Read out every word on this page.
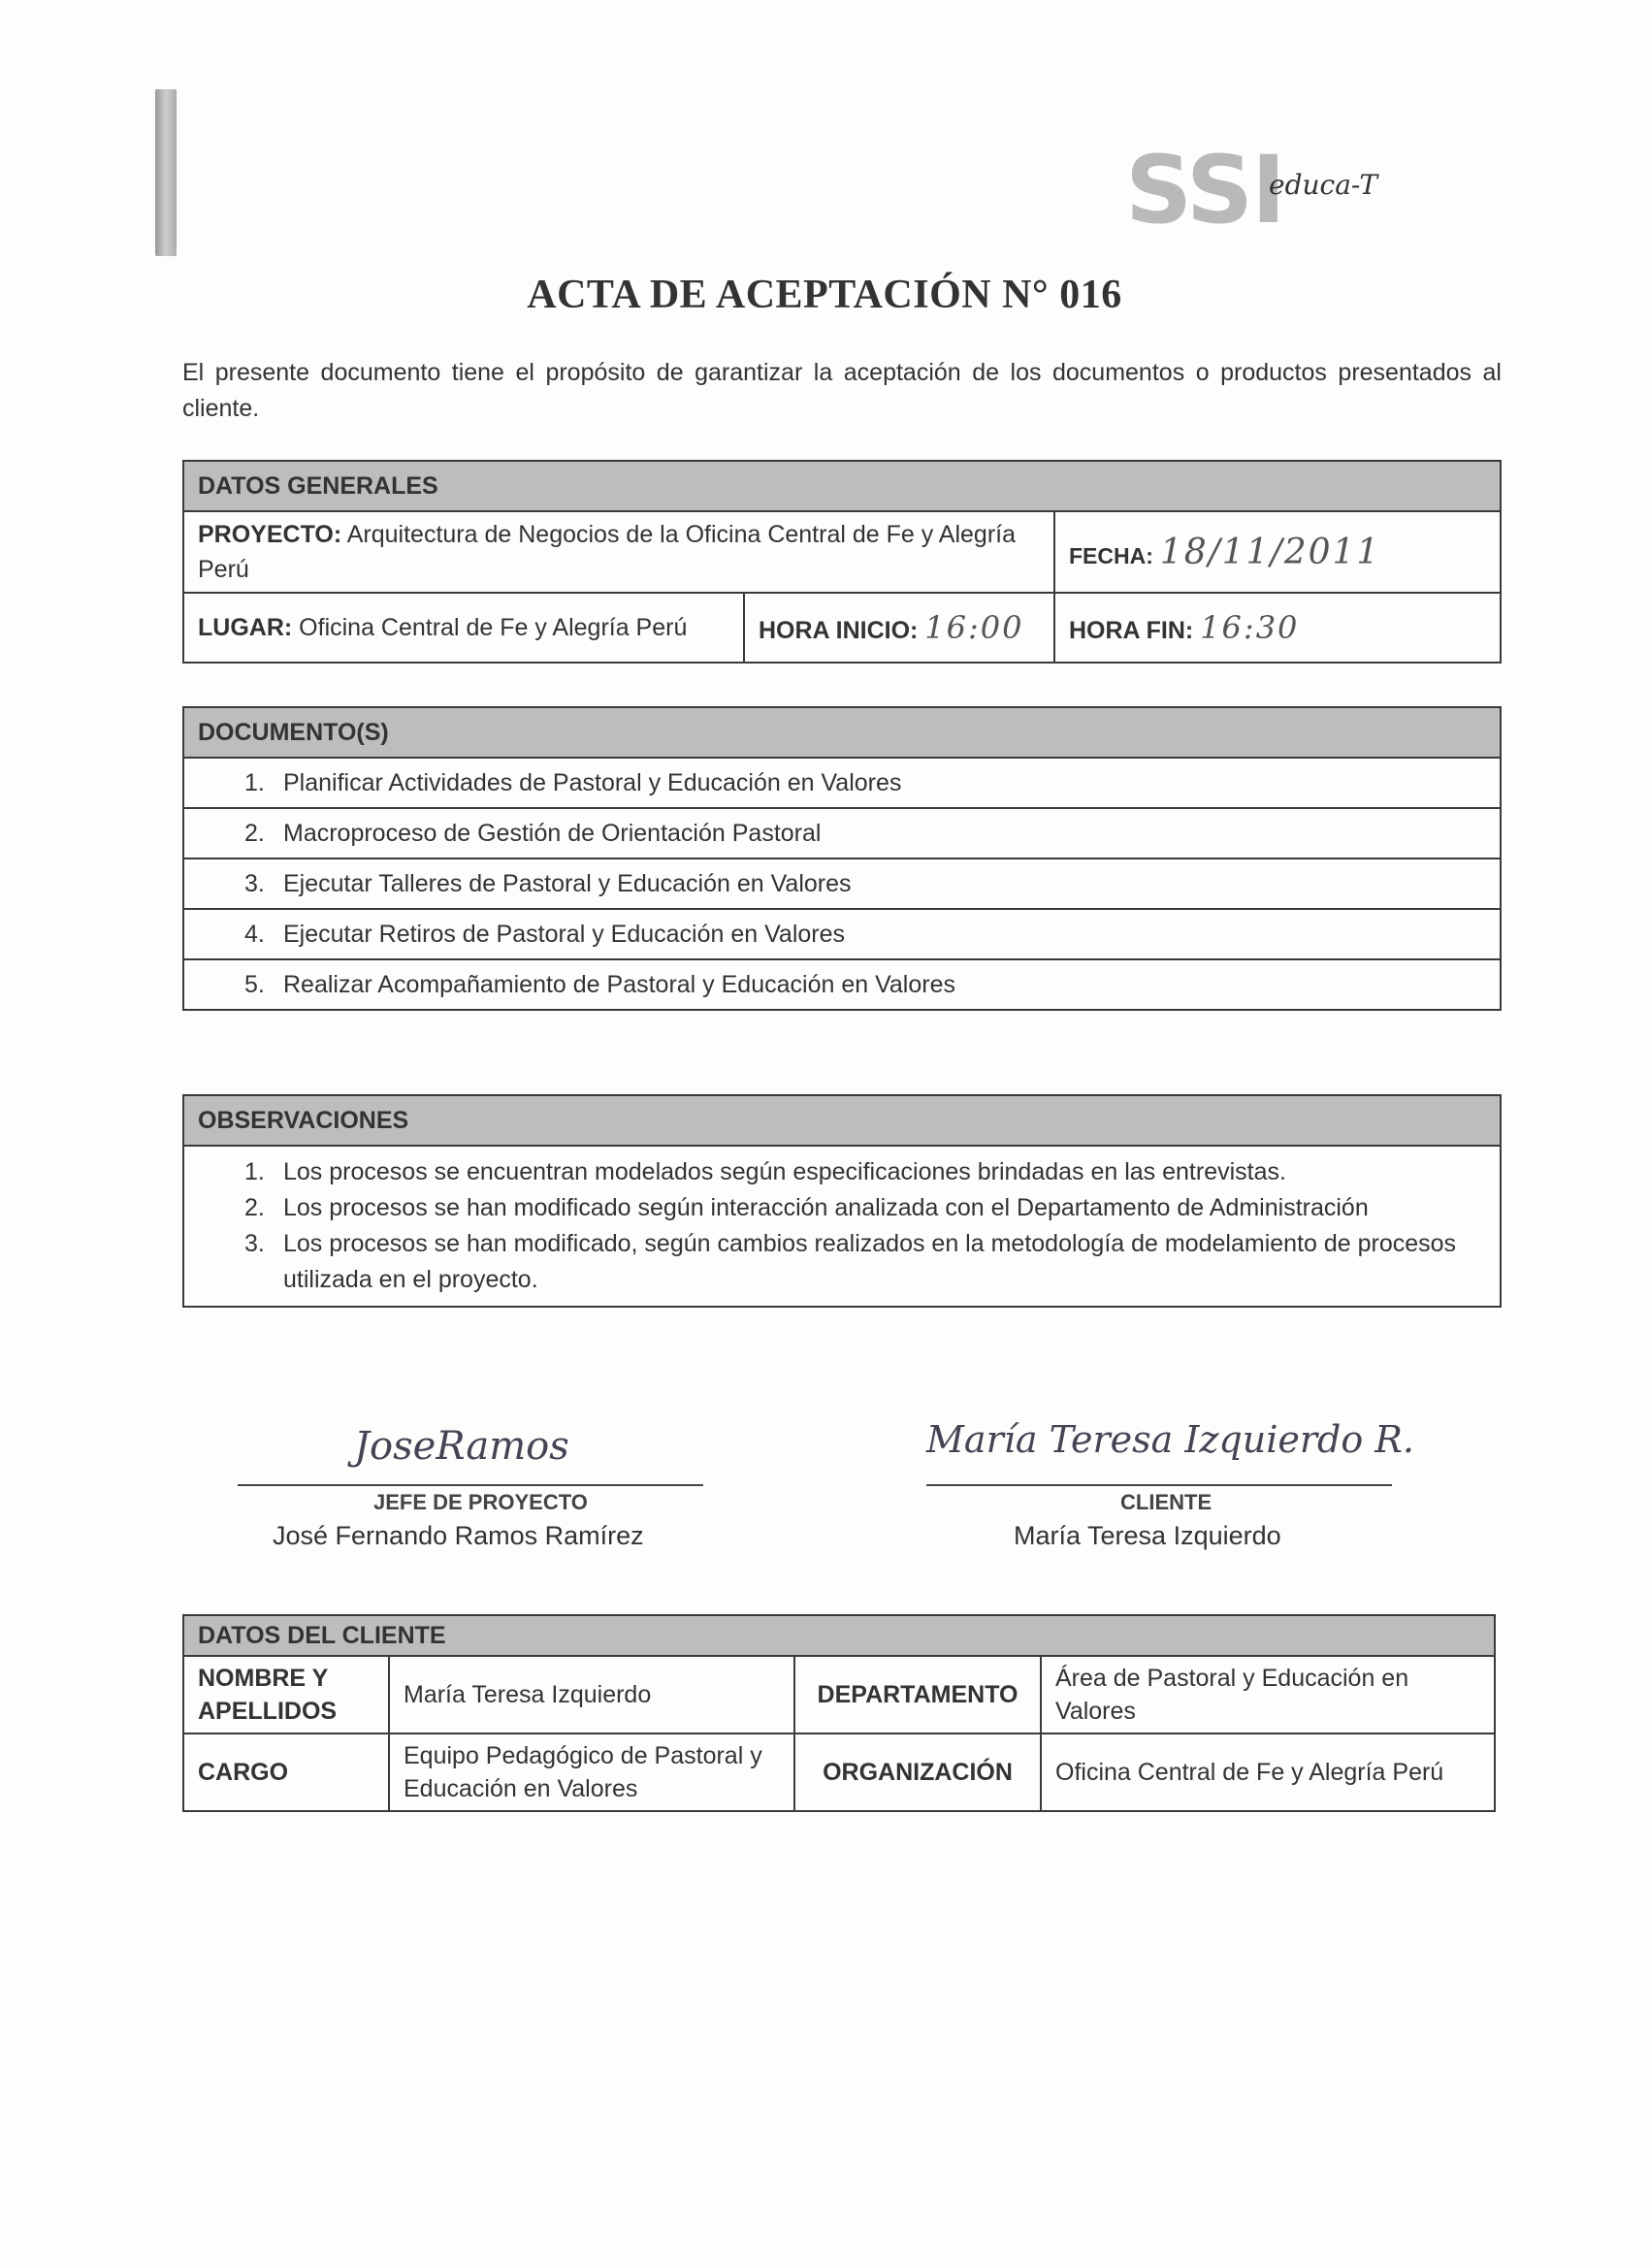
SSI
educa-T
ACTA DE ACEPTACIÓN N° 016
El presente documento tiene el propósito de garantizar la aceptación de los documentos o productos presentados al cliente.
DATOS GENERALES		
PROYECTO: Arquitectura de Negocios de la Oficina Central de Fe y Alegría Perú		FECHA: 18/11/2011
LUGAR: Oficina Central de Fe y Alegría Perú	HORA INICIO: 16:00	HORA FIN: 16:30
DOCUMENTO(S)
1. Planificar Actividades de Pastoral y Educación en Valores
2. Macroproceso de Gestión de Orientación Pastoral
3. Ejecutar Talleres de Pastoral y Educación en Valores
4. Ejecutar Retiros de Pastoral y Educación en Valores
5. Realizar Acompañamiento de Pastoral y Educación en Valores
OBSERVACIONES

1. Los procesos se encuentran modelados según especificaciones brindadas en las entrevistas.
2. Los procesos se han modificado según interacción analizada con el Departamento de Administración
3. Los procesos se han modificado, según cambios realizados en la metodología de modelamiento de procesos utilizada en el proyecto.
JoseRamos
JEFE DE PROYECTO
José Fernando Ramos Ramírez
María Teresa Izquierdo R.
CLIENTE
María Teresa Izquierdo
DATOS DEL CLIENTE			
NOMBRE Y APELLIDOS	María Teresa Izquierdo	DEPARTAMENTO	Área de Pastoral y Educación en Valores
CARGO	Equipo Pedagógico de Pastoral y Educación en Valores	ORGANIZACIÓN	Oficina Central de Fe y Alegría Perú
